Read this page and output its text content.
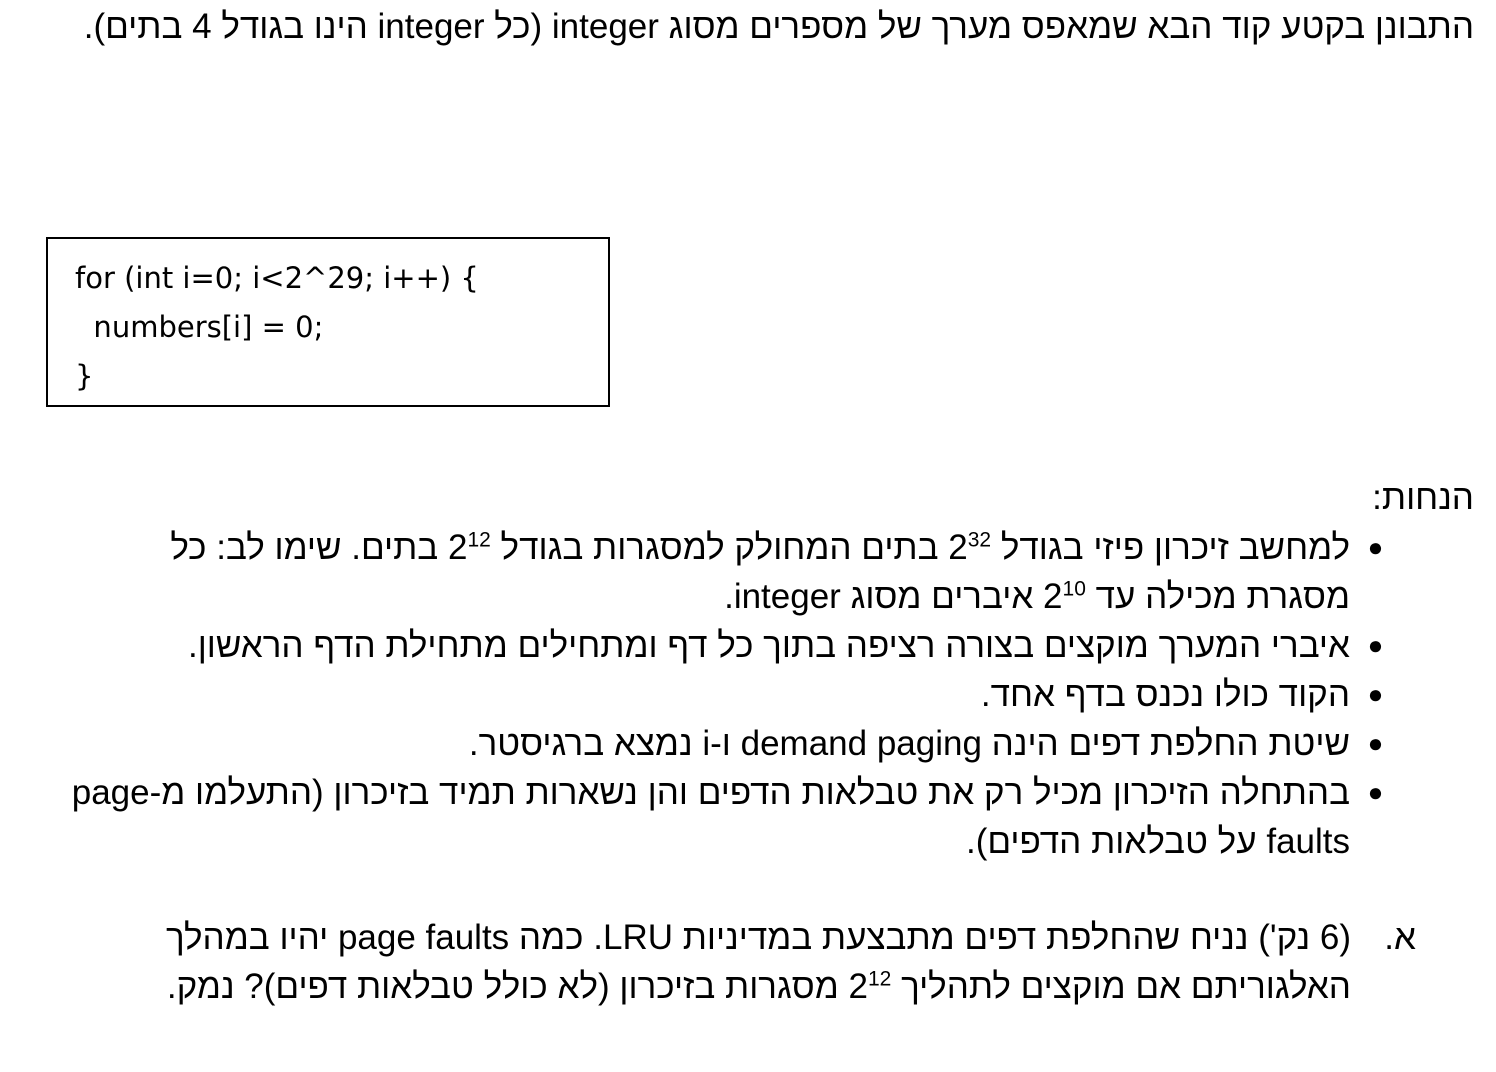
התבונן בקטע קוד הבא שמאפס מערך של מספרים מסוג integer (כל integer הינו בגודל 4 בתים).
for (int i=0; i<2^29; i++) {
numbers[i] = 0;
}
הנחות:
●
למחשב זיכרון פיזי בגודל $2^{32}$ בתים המחולק למסגרות בגודל $2^{12}$ בתים. שימו לב: כל מסגרת מכילה עד $2^{10}$ איברים מסוג integer.
●
איברי המערך מוקצים בצורה רציפה בתוך כל דף ומתחילים מתחילת הדף הראשון.
●
הקוד כולו נכנס בדף אחד.
●
שיטת החלפת דפים הינה demand paging ו-i נמצא ברגיסטר.
●
בהתחלה הזיכרון מכיל רק את טבלאות הדפים והן נשארות תמיד בזיכרון (התעלמו מ-page faults על טבלאות הדפים).
א.
(6 נק') נניח שהחלפת דפים מתבצעת במדיניות LRU. כמה page faults יהיו במהלך האלגוריתם אם מוקצים לתהליך $2^{12}$ מסגרות בזיכרון (לא כולל טבלאות דפים)? נמק.
